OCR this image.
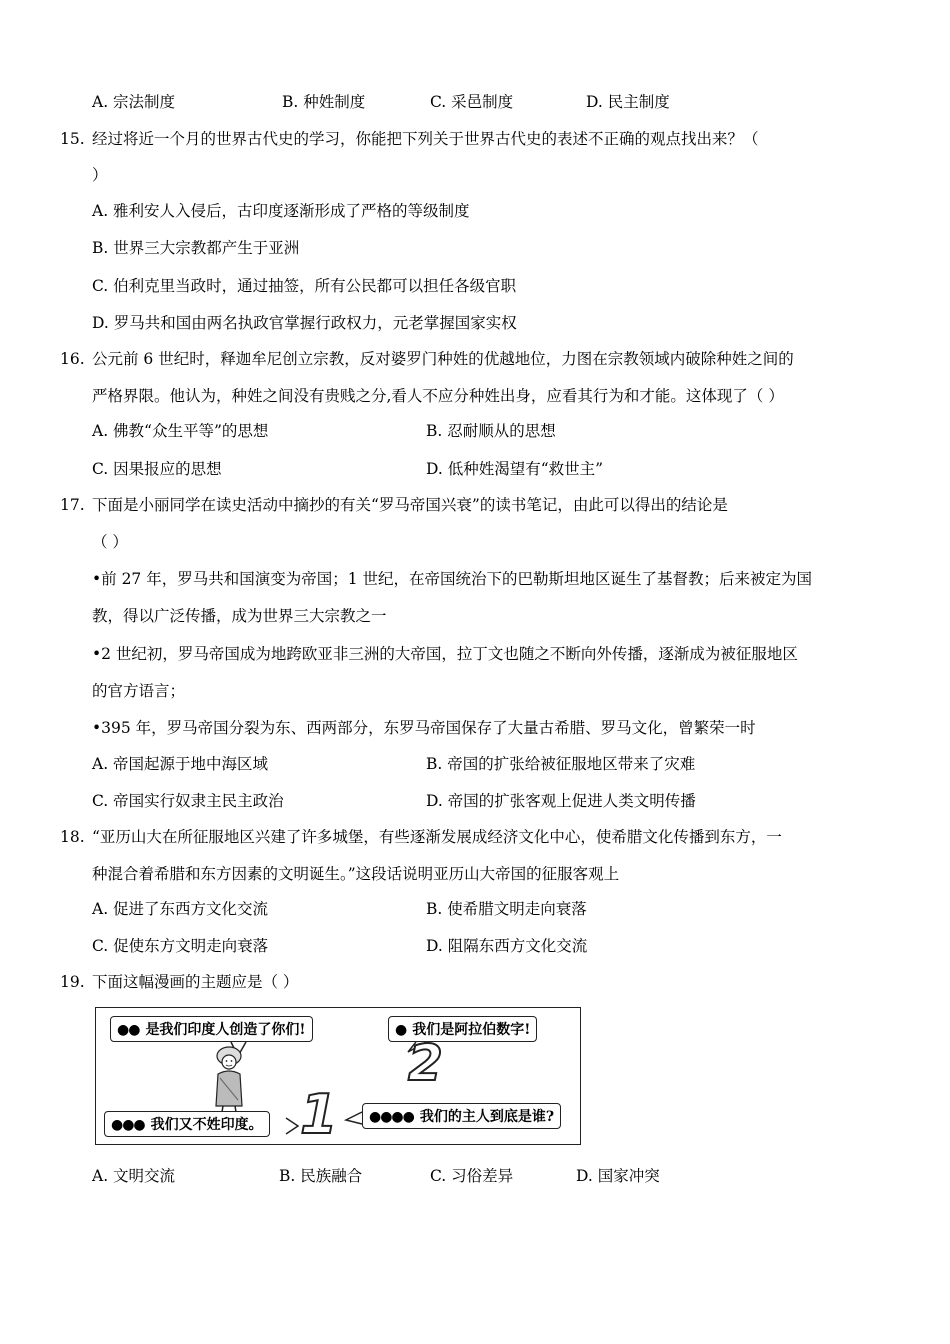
A. 宗法制度	B. 种姓制度	C. 采邑制度	D. 民主制度
15. 经过将近一个月的世界古代史的学习，你能把下列关于世界古代史的表述不正确的观点找出来？（
）
A. 雅利安人入侵后，古印度逐渐形成了严格的等级制度
B. 世界三大宗教都产生于亚洲
C. 伯利克里当政时，通过抽签，所有公民都可以担任各级官职
D. 罗马共和国由两名执政官掌握行政权力，元老掌握国家实权
16. 公元前 6 世纪时，释迦牟尼创立宗教，反对婆罗门种姓的优越地位，力图在宗教领域内破除种姓之间的
严格界限。他认为，种姓之间没有贵贱之分,看人不应分种姓出身，应看其行为和才能。这体现了（ ）
A. 佛教“众生平等”的思想	B. 忍耐顺从的思想
C. 因果报应的思想	D. 低种姓渴望有“救世主”
17. 下面是小丽同学在读史活动中摘抄的有关“罗马帝国兴衰”的读书笔记，由此可以得出的结论是
（ ）
•前 27 年，罗马共和国演变为帝国；1 世纪，在帝国统治下的巴勒斯坦地区诞生了基督教；后来被定为国
教，得以广泛传播，成为世界三大宗教之一
•2 世纪初，罗马帝国成为地跨欧亚非三洲的大帝国，拉丁文也随之不断向外传播，逐渐成为被征服地区
的官方语言；
•395 年，罗马帝国分裂为东、西两部分，东罗马帝国保存了大量古希腊、罗马文化，曾繁荣一时
A. 帝国起源于地中海区域	B. 帝国的扩张给被征服地区带来了灾难
C. 帝国实行奴隶主民主政治	D. 帝国的扩张客观上促进人类文明传播
18. “亚历山大在所征服地区兴建了许多城堡，有些逐渐发展成经济文化中心，使希腊文化传播到东方，一
种混合着希腊和东方因素的文明诞生。”这段话说明亚历山大帝国的征服客观上
A. 促进了东西方文化交流	B. 使希腊文明走向衰落
C. 促使东方文明走向衰落	D. 阻隔东西方文化交流
19. 下面这幅漫画的主题应是（ ）
●● 是我们印度人创造了你们!	● 我们是阿拉伯数字!
●●● 我们又不姓印度。	●●●● 我们的主人到底是谁?
2
1
A. 文明交流	B. 民族融合	C. 习俗差异	D. 国家冲突
